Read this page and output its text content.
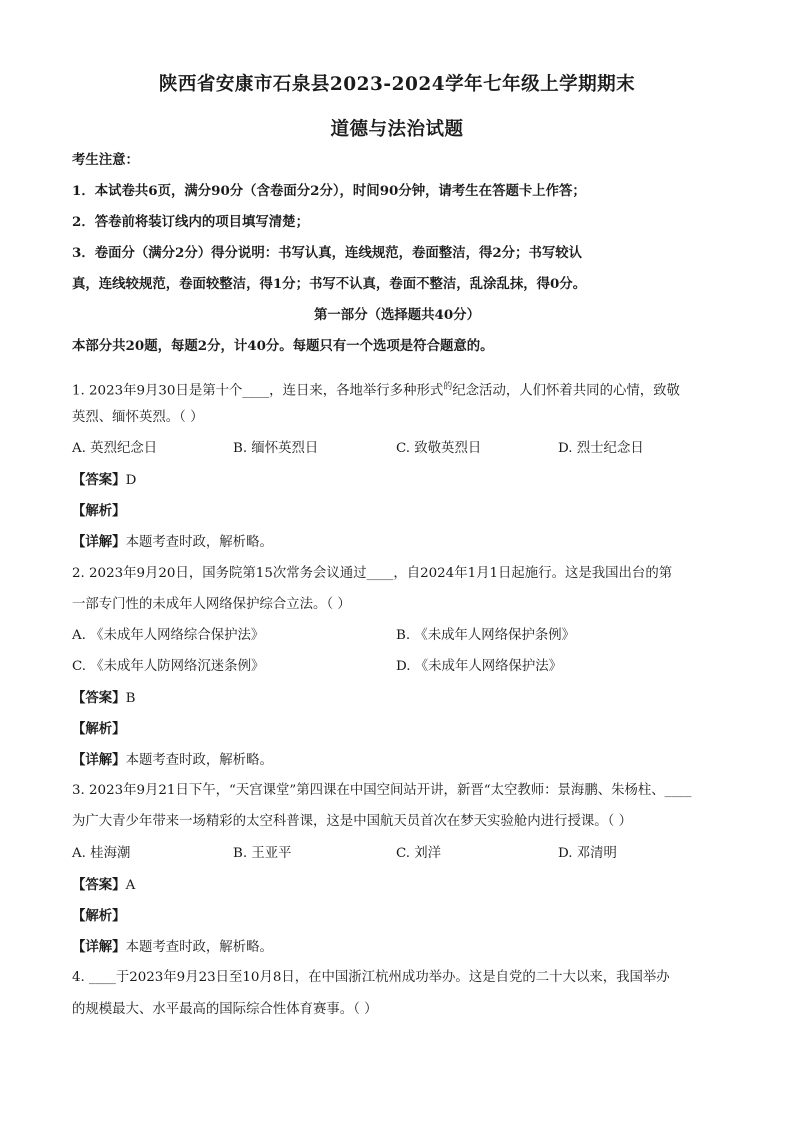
陕西省安康市石泉县2023-2024学年七年级上学期期末
道德与法治试题
考生注意：
1．本试卷共6页，满分90分（含卷面分2分），时间90分钟，请考生在答题卡上作答；
2．答卷前将装订线内的项目填写清楚；
3．卷面分（满分2分）得分说明：书写认真，连线规范，卷面整洁，得2分；书写较认
真，连线较规范，卷面较整洁，得1分；书写不认真，卷面不整洁，乱涂乱抹，得0分。
第一部分（选择题共40分）
本部分共20题，每题2分，计40分。每题只有一个选项是符合题意的。
1. 2023年9月30日是第十个____，连日来，各地举行多种形式$^的$纪念活动，人们怀着共同的心情，致敬
英烈、缅怀英烈。（ ）
A. 英烈纪念日	B. 缅怀英烈日	C. 致敬英烈日	D. 烈士纪念日
【答案】D
【解析】
【详解】本题考查时政，解析略。
2. 2023年9月20日，国务院第15次常务会议通过____，自2024年1月1日起施行。这是我国出台的第
一部专门性的未成年人网络保护综合立法。（ ）
A. 《未成年人网络综合保护法》	B. 《未成年人网络保护条例》
C. 《未成年人防网络沉迷条例》	D. 《未成年人网络保护法》
【答案】B
【解析】
【详解】本题考查时政，解析略。
3. 2023年9月21日下午，“天宫课堂”第四课在中国空间站开讲，新晋“太空教师：景海鹏、朱杨柱、____
为广大青少年带来一场精彩的太空科普课，这是中国航天员首次在梦天实验舱内进行授课。（ ）
A. 桂海潮	B. 王亚平	C. 刘洋	D. 邓清明
【答案】A
【解析】
【详解】本题考查时政，解析略。
4. ____于2023年9月23日至10月8日，在中国浙江杭州成功举办。这是自党的二十大以来，我国举办
的规模最大、水平最高的国际综合性体育赛事。（ ）
